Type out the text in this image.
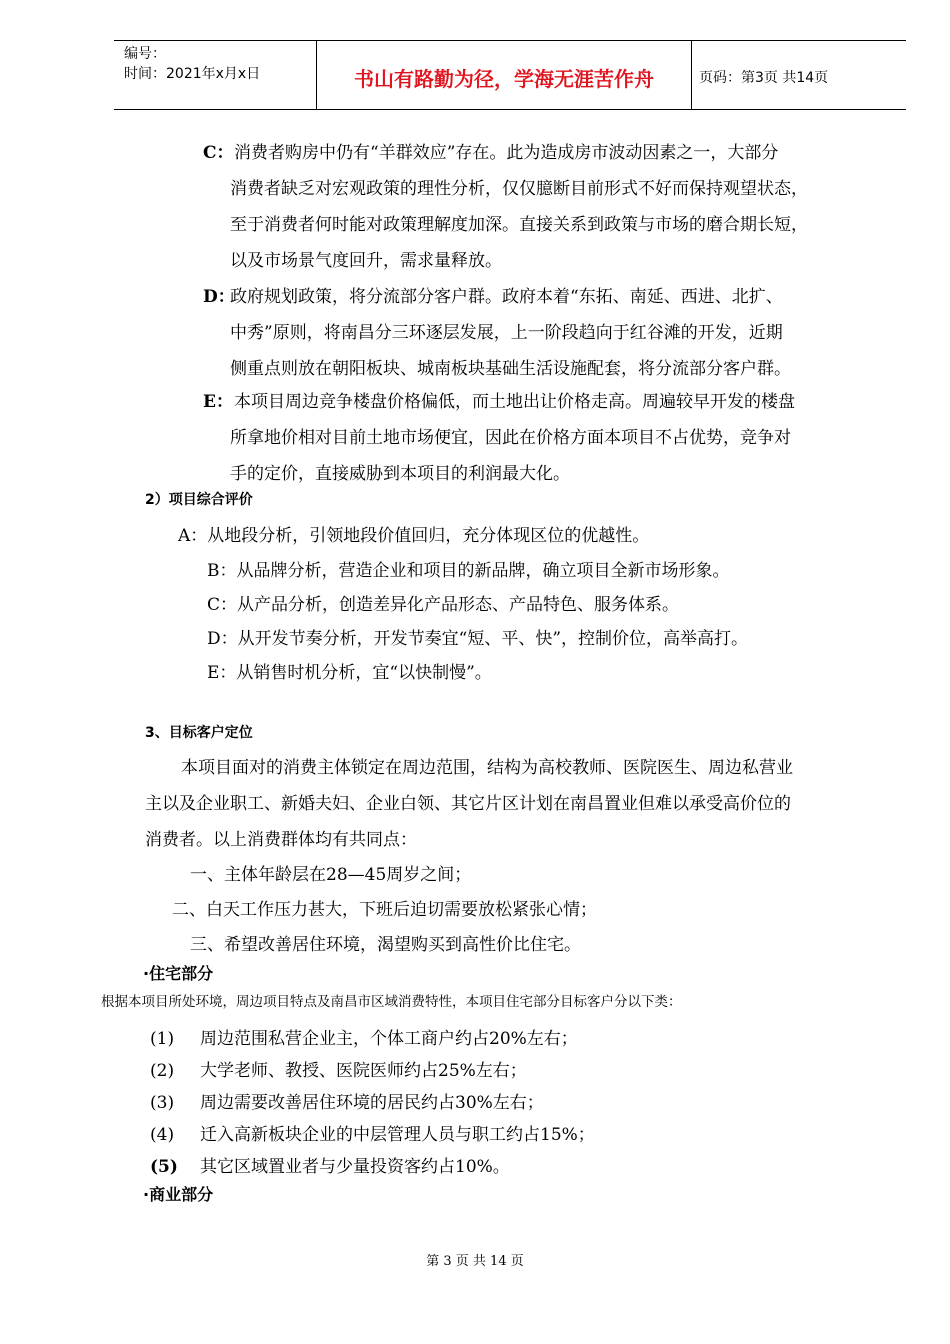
编号：
时间：2021年x月x日	书山有路勤为径，学海无涯苦作舟	页码：第3页 共14页
C： 消费者购房中仍有“羊群效应”存在。此为造成房市波动因素之一，大部分
消费者缺乏对宏观政策的理性分析，仅仅臆断目前形式不好而保持观望状态，
至于消费者何时能对政策理解度加深。直接关系到政策与市场的磨合期长短，
以及市场景气度回升，需求量释放。
D：
政府规划政策，将分流部分客户群。政府本着“东拓、南延、西进、北扩、
中秀”原则，将南昌分三环逐层发展，上一阶段趋向于红谷滩的开发，近期
侧重点则放在朝阳板块、城南板块基础生活设施配套，将分流部分客户群。
E： 本项目周边竞争楼盘价格偏低，而土地出让价格走高。周遍较早开发的楼盘
所拿地价相对目前土地市场便宜，因此在价格方面本项目不占优势，竞争对
手的定价，直接威胁到本项目的利润最大化。
2）项目综合评价
A：从地段分析，引领地段价值回归，充分体现区位的优越性。
B：从品牌分析，营造企业和项目的新品牌，确立项目全新市场形象。
C：从产品分析，创造差异化产品形态、产品特色、服务体系。
D：从开发节奏分析，开发节奏宜“短、平、快”，控制价位，高举高打。
E：从销售时机分析，宜“以快制慢”。
3、目标客户定位
本项目面对的消费主体锁定在周边范围，结构为高校教师、医院医生、周边私营业
主以及企业职工、新婚夫妇、企业白领、其它片区计划在南昌置业但难以承受高价位的
消费者。以上消费群体均有共同点：
一、主体年龄层在28—45周岁之间；
二、白天工作压力甚大，下班后迫切需要放松紧张心情；
三、希望改善居住环境，渴望购买到高性价比住宅。
·住宅部分
根据本项目所处环境，周边项目特点及南昌市区域消费特性，本项目住宅部分目标客户分以下类：
(1) 周边范围私营企业主，个体工商户约占20%左右；
(2) 大学老师、教授、医院医师约占25%左右；
(3) 周边需要改善居住环境的居民约占30%左右；
(4) 迁入高新板块企业的中层管理人员与职工约占15%；
(5) 其它区域置业者与少量投资客约占10%。
·商业部分
第 3 页 共 14 页
